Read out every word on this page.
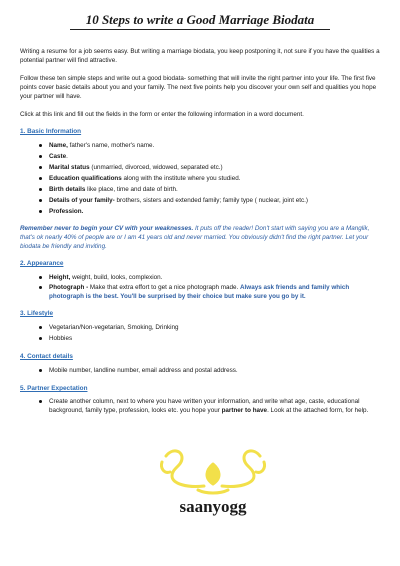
10 Steps to write a Good Marriage Biodata

Writing a resume for a job seems easy. But writing a marriage biodata, you keep postponing it, not sure if you have the qualities a potential partner will find attractive.

Follow these ten simple steps and write out a good biodata- something that will invite the right partner into your life. The first five points cover basic details about you and your family. The next five points help you discover your own self and qualities you hope your partner will have.

Click at this link and fill out the fields in the form or enter the following information in a word document.

1. Basic Information
Name, father's name, mother's name.
Caste.
Marital status (unmarried, divorced, widowed, separated etc.)
Education qualifications along with the institute where you studied.
Birth details like place, time and date of birth.
Details of your family- brothers, sisters and extended family; family type ( nuclear, joint etc.)
Profession.

Remember never to begin your CV with your weaknesses. It puts off the reader! Don't start with saying you are a Manglik, that's ok nearly 40% of people are or I am 41 years old and never married. You obviously didn't find the right partner. Let your biodata be friendly and inviting.

2. Appearance
Height, weight, build, looks, complexion.
Photograph - Make that extra effort to get a nice photograph made. Always ask friends and family which photograph is the best. You'll be surprised by their choice but make sure you go by it.
3. Lifestyle
Vegetarian/Non-vegetarian, Smoking, Drinking
Hobbies
4. Contact details
Mobile number, landline number, email address and postal address.
5. Partner Expectation
Create another column, next to where you have written your information, and write what age, caste, educational background, family type, profession, looks etc. you hope your partner to have. Look at the attached form, for help.
saanyogg
